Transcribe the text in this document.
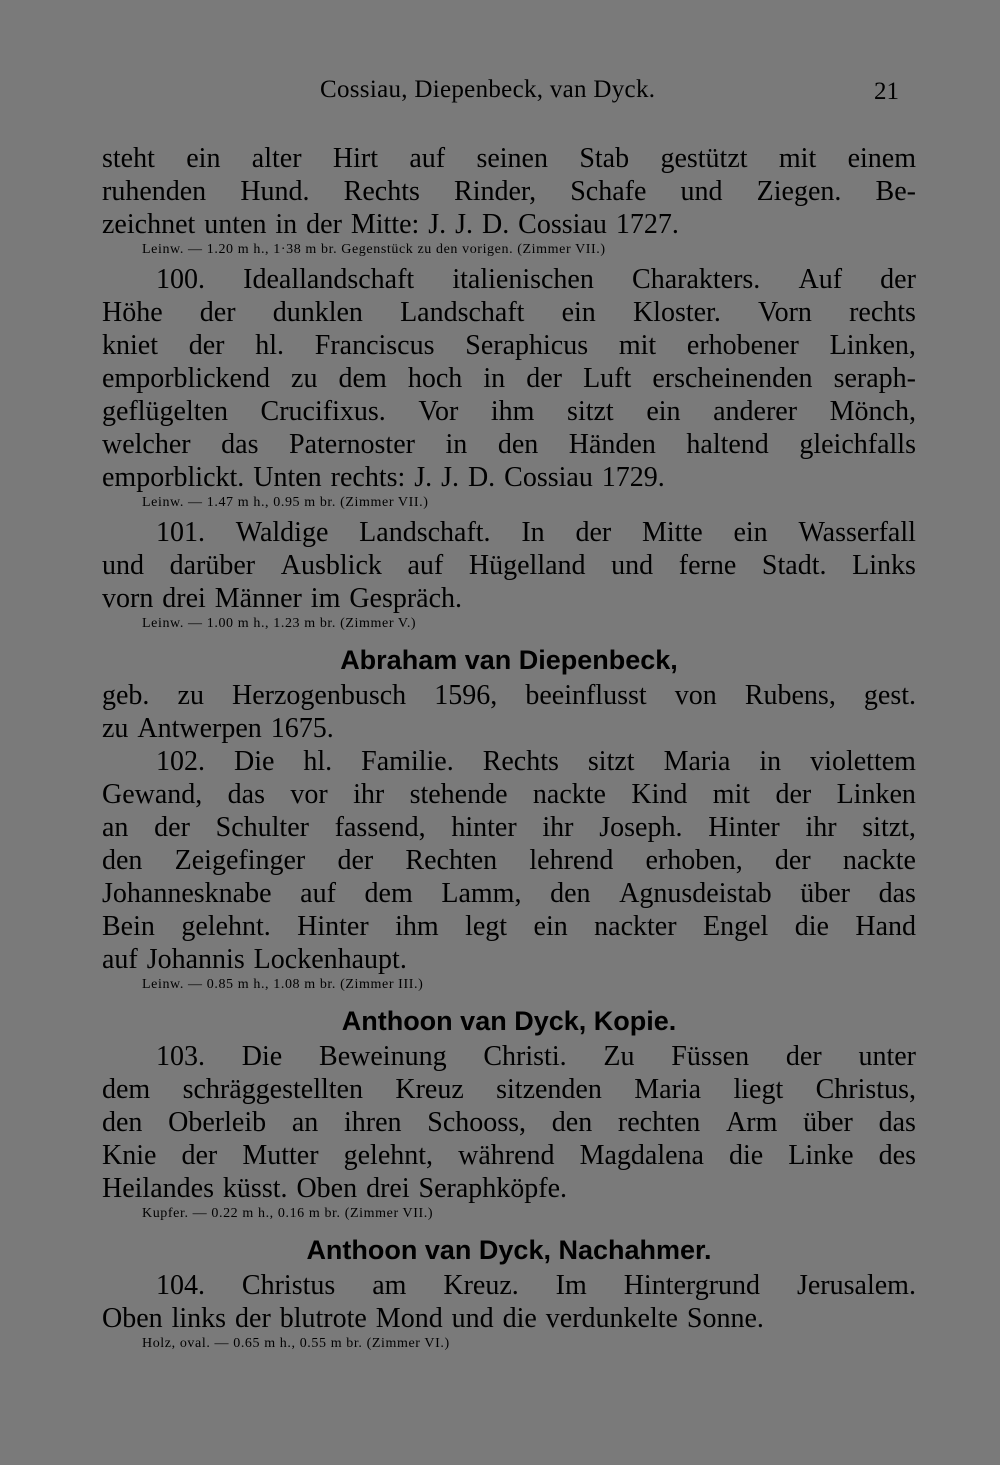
Cossiau, Diepenbeck, van Dyck.	21
steht ein alter Hirt auf seinen Stab gestützt mit einem
ruhenden Hund. Rechts Rinder, Schafe und Ziegen. Be-
zeichnet unten in der Mitte: J. J. D. Cossiau 1727.
Leinw. — 1.20 m h., 1·38 m br. Gegenstück zu den vorigen. (Zimmer VII.)
100. Ideallandschaft italienischen Charakters. Auf der
Höhe der dunklen Landschaft ein Kloster. Vorn rechts
kniet der hl. Franciscus Seraphicus mit erhobener Linken,
emporblickend zu dem hoch in der Luft erscheinenden seraph-
geflügelten Crucifixus. Vor ihm sitzt ein anderer Mönch,
welcher das Paternoster in den Händen haltend gleichfalls
emporblickt. Unten rechts: J. J. D. Cossiau 1729.
Leinw. — 1.47 m h., 0.95 m br. (Zimmer VII.)
101. Waldige Landschaft. In der Mitte ein Wasserfall
und darüber Ausblick auf Hügelland und ferne Stadt. Links
vorn drei Männer im Gespräch.
Leinw. — 1.00 m h., 1.23 m br. (Zimmer V.)
Abraham van Diepenbeck,
geb. zu Herzogenbusch 1596, beeinflusst von Rubens, gest.
zu Antwerpen 1675.
102. Die hl. Familie. Rechts sitzt Maria in violettem
Gewand, das vor ihr stehende nackte Kind mit der Linken
an der Schulter fassend, hinter ihr Joseph. Hinter ihr sitzt,
den Zeigefinger der Rechten lehrend erhoben, der nackte
Johannesknabe auf dem Lamm, den Agnusdeistab über das
Bein gelehnt. Hinter ihm legt ein nackter Engel die Hand
auf Johannis Lockenhaupt.
Leinw. — 0.85 m h., 1.08 m br. (Zimmer III.)
Anthoon van Dyck, Kopie.
103. Die Beweinung Christi. Zu Füssen der unter
dem schräggestellten Kreuz sitzenden Maria liegt Christus,
den Oberleib an ihren Schooss, den rechten Arm über das
Knie der Mutter gelehnt, während Magdalena die Linke des
Heilandes küsst. Oben drei Seraphköpfe.
Kupfer. — 0.22 m h., 0.16 m br. (Zimmer VII.)
Anthoon van Dyck, Nachahmer.
104. Christus am Kreuz. Im Hintergrund Jerusalem.
Oben links der blutrote Mond und die verdunkelte Sonne.
Holz, oval. — 0.65 m h., 0.55 m br. (Zimmer VI.)
